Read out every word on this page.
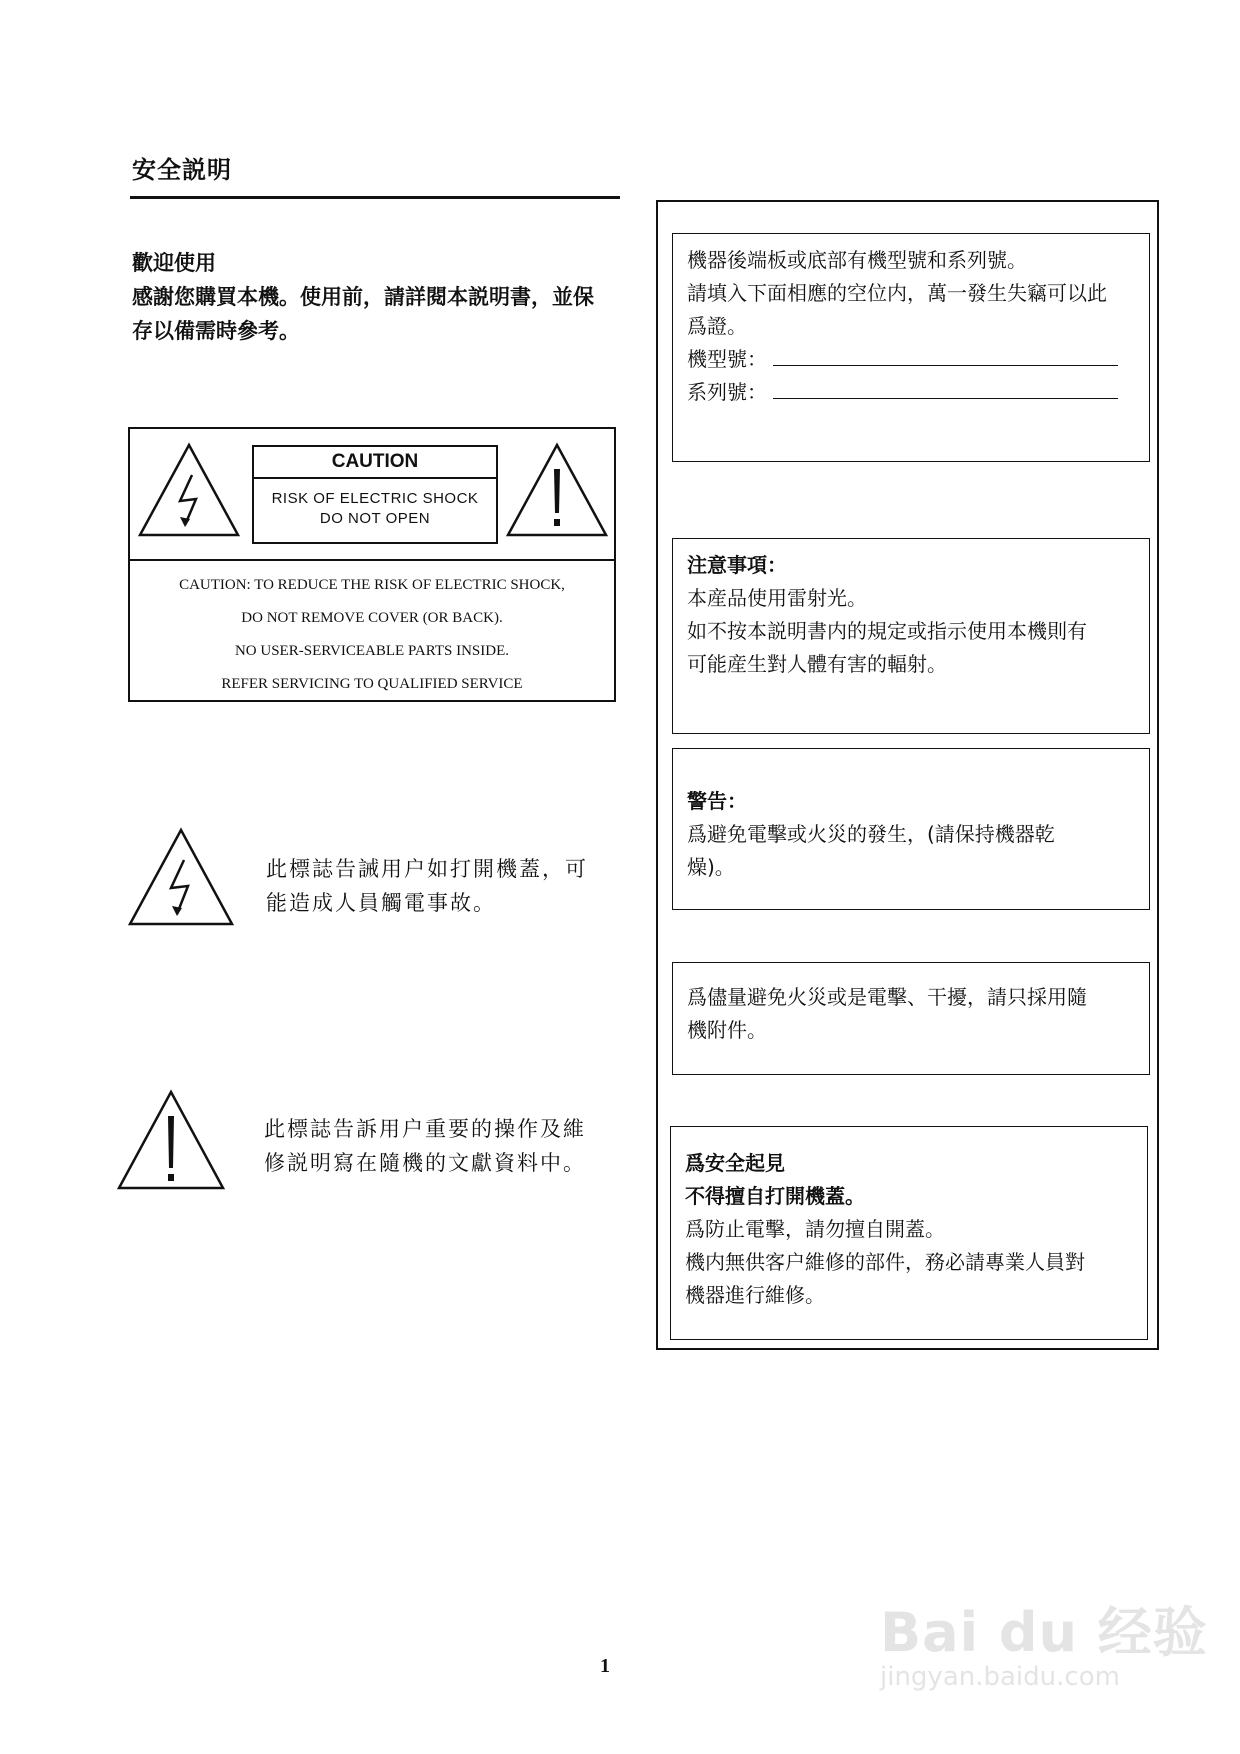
安全説明
歡迎使用
感謝您購買本機。使用前，請詳閱本説明書，並保
存以備需時參考。
CAUTION
RISK OF ELECTRIC SHOCK
DO NOT OPEN
CAUTION: TO REDUCE THE RISK OF ELECTRIC SHOCK,
DO NOT REMOVE COVER (OR BACK).
NO USER-SERVICEABLE PARTS INSIDE.
REFER SERVICING TO QUALIFIED SERVICE
此標誌告誡用户如打開機蓋，可
能造成人員觸電事故。
此標誌告訴用户重要的操作及維
修説明寫在隨機的文獻資料中。
機器後端板或底部有機型號和系列號。
請填入下面相應的空位内，萬一發生失竊可以此
爲證。
機型號：
系列號：
注意事項：
本産品使用雷射光。
如不按本説明書内的規定或指示使用本機則有
可能産生對人體有害的輻射。
警告：
爲避免電擊或火災的發生，(請保持機器乾
燥)。
爲儘量避免火災或是電擊、干擾，請只採用隨
機附件。
爲安全起見
不得擅自打開機蓋。
爲防止電擊，請勿擅自開蓋。
機内無供客户維修的部件，務必請專業人員對
機器進行維修。
1
Bai du 经验
jingyan.baidu.com
